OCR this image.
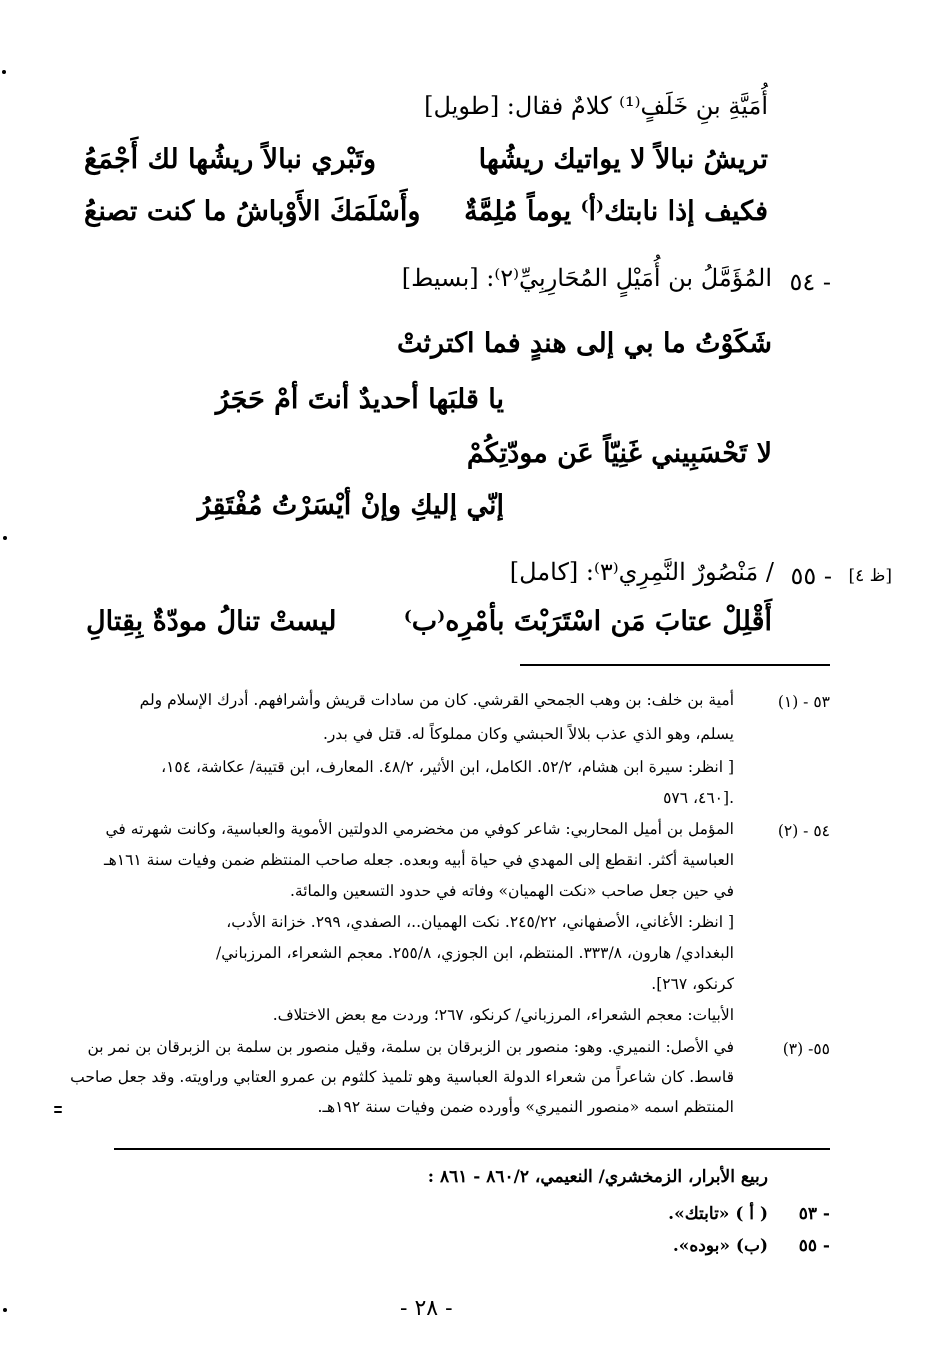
أُمَيَّةِ بنِ خَلَفٍ⁽¹⁾ كلامٌ فقال: [طويل]
تريشُ نبالاً لا يواتيك ريشُها
وتَبْري نبالاً ريشُها لك أَجْمَعُ
فكيف إذا نابتك⁽أ⁾ يوماً مُلِمَّةٌ
وأَسْلَمَكَ الأَوْباشُ ما كنت تصنعُ
٥٤ -
المُؤَمَّلُ بن أُمَيْلٍ المُحَارِبِيِّ⁽٢⁾: [بسيط]
شَكَوْتُ ما بي إلى هندٍ فما اكترثتْ
يا قلبَها أحديدٌ أنتَ أمْ حَجَرُ
لا تَحْسَبِيني غَنِيّاً عَن مودّتِكُمْ
إنّي إليكِ وإنْ أيْسَرْتُ مُفْتَقِرُ
[ظ ٤]
٥٥ -
/ مَنْصُورٌ النَّمِرِي⁽٣⁾: [كامل]
أَقْلِلْ عتابَ مَن اسْتَرَبْتَ بأمْرِه⁽ب⁾
ليستْ تنالُ مودّةٌ بِقِتالِ
٥٣ - (١)
أمية بن خلف: بن وهب الجمحي القرشي. كان من سادات قريش وأشرافهم. أدرك الإسلام ولم
يسلم، وهو الذي عذب بلالاً الحبشي وكان مملوكاً له. قتل في بدر.
[ انظر: سيرة ابن هشام، ٥٢/٢. الكامل، ابن الأثير، ٤٨/٢. المعارف، ابن قتيبة/ عكاشة، ١٥٤،
٤٦٠، ٥٧٦].
٥٤ - (٢)
المؤمل بن أميل المحاربي: شاعر كوفي من مخضرمي الدولتين الأموية والعباسية، وكانت شهرته في
العباسية أكثر. انقطع إلى المهدي في حياة أبيه وبعده. جعله صاحب المنتظم ضمن وفيات سنة ١٦١هـ
في حين جعل صاحب «نكت الهميان» وفاته في حدود التسعين والمائة.
[ انظر: الأغاني، الأصفهاني، ٢٤٥/٢٢. نكت الهميان..، الصفدي، ٢٩٩. خزانة الأدب،
البغدادي/ هارون، ٣٣٣/٨. المنتظم، ابن الجوزي، ٢٥٥/٨. معجم الشعراء، المرزباني/
كرنكو، ٢٦٧].
الأبيات: معجم الشعراء، المرزباني/ كرنكو، ٢٦٧؛ وردت مع بعض الاختلاف.
٥٥- (٣)
في الأصل: النميري. وهو: منصور بن الزبرقان بن سلمة، وقيل منصور بن سلمة بن الزبرقان بن نمر بن
قاسط. كان شاعراً من شعراء الدولة العباسية وهو تلميذ كلثوم بن عمرو العتابي وراويته. وقد جعل صاحب
المنتظم اسمه «منصور النميري» وأورده ضمن وفيات سنة ١٩٢هـ.
ربيع الأبرار، الزمخشري/ النعيمي، ٨٦٠/٢ - ٨٦١ :
٥٣ -
( أ ) «تابتك».
٥٥ -
(ب) «بوده».
- ٢٨ -
